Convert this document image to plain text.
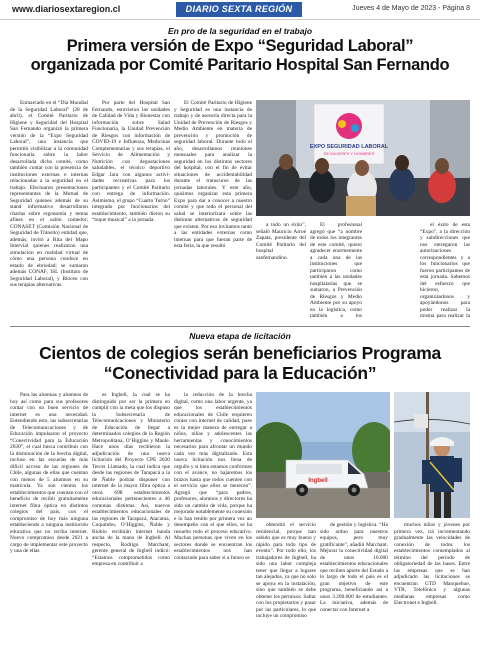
www.diariosextaregion.cl	DIARIO SEXTA REGIÓN	Jueves 4 de Mayo de 2023 - Página 8
En pro de la seguridad en el trabajo
Primera versión de Expo “Seguridad Laboral”
organizada por Comité Paritario Hospital San Fernando

Enmarcado en el “Día Mundial de la Seguridad Laboral” (28 de abril), el Comité Paritario de Higiene y Seguridad del Hospital San Fernando organizó la primera versión de la “Expo Seguridad Laboral”, una instancia que permitió visibilizar a la comunidad funcionaria sobre la labor desarrollada dicho comité, como también contar con la presencia de instituciones externas e internas relacionadas a la seguridad en el trabajo. Efectuaron presentaciones representantes de la Mutual de Seguridad quienes además de su stand informativo desarrollaron charlas sobre ergonomía y temas afines en el salón comedor; CONASET (Comisión Nacional de Seguridad de Tránsito) entidad que, además, invitó a Rita del Mapo Intervial quienes realizaron una simulación en realidad virtual de cómo una persona conduce en estado de ebriedad; se sumaron además CONAF, ISL (Instituto de Seguridad Laboral), y Biocen con sus terapias alternativas.

Por parte del Hospital San Fernando, estuvieron las unidades de Calidad de Vida y Bienestar con información sobre Salud Funcionaria, la Unidad Prevención de Riesgos con información de COVID-19 e Influenza, Medicinas Complementarias y sus terapias, el Servicio de Alimentación y Nutrición con degustaciones saludables, el técnico deportivo Edgar Jara con algunos activi- dades recreativas para los participantes y el Comité Paritario con entrega de información. Asimismo, el grupo “Cuarto Turno” integrado por funcionarios del establecimiento, también dieron su “toque musical” a la jornada.

El Comité Paritario de Higiene y Seguridad es una instancia de trabajo y de asesoría directa para la Unidad de Prevención de Riesgos y Medio Ambiente en materia de prevención y promoción de seguridad laboral. Durante todo el año, desarrollamos reuniones mensuales para analizar la seguridad en los distintos sectores del hospital, con el fin de evitar situaciones de accidentabilidad durante el transcurso de las jornadas laborales. Y este año, quisimos organizar esta primera Expo para dar a conocer a nuestro comité y que todo el personal del salud se interiorizara sobre las distintas alternativas de seguridad que existen. Por eso invitamos tanto a las entidades externas como internas para que fueran parte de esta feria, la que resultó

EXPO SEGURIDAD LABORAL
DE MUJERES Y HOMBRES

a todo un éxito”, señaló Mauricio Arroé Zapata, presidente del Comité Paritario del hospital sanfernandino.

El profesional agregó que “a nombre de todos los integrantes de este comité, quiero agradecer enormemente a cada una de las instituciones que participaron como también a las unidades hospitalarias que se sumaron, a Prevención de Riesgos y Medio Ambiente por su apoyo en la logística, como también a los

el éxito de esta “Expo”, a la dirección y subdirecciones que nos entregaron las autorizaciones correspondientes y a los funcionarios que fueron participantes de esta jornada. Sabemos del esfuerzo que hicieron, organizándonos y apoyándonos para poder realizar la misma para realizar la

Nueva etapa de licitación
Cientos de colegios serán beneficiarios Programa
“Conectividad para la Educación”

Para las alumnas y alumnos de hoy así como para sus profesores contar con un buen servicio de internet es una necesidad. Entendiendo esto, las subsecretarías de Telecomunicaciones y de Educación impulsaron el proyecto “Conectividad para la Educación 2030”, el cual busca contribuir con la disminución de la brecha digital, incluso en las escuelas de más difícil acceso de las regiones de Chile, algunas de ellas que cuentan con menos de 5 alumnos en su matrícula. Ya son cientos los establecimientos que cuentan con el beneficio de recibir gratuitamente internet fibra óptica en distintos colegios del país, con el compromiso de hoy más ninguna estableciendo a ninguna institución educativa que no reciba internet. Nuevo compromiso desde 2021 a cargo de implementar este proyecto y una de ellas

es Ingbell, la cual se ha distinguido por ser la primera en cumplir con la meta que los dispuso la Subsecretaría de Telecomunicaciones y Ministerio de Educación de llegar a determinados colegios de la Región Metropolitana, O’Higgins y Maule. Hace unos días recibieron la adjudicación de una nueva licitación del Proyecto CPE 2030 Tercer Llamado, la cual indica que desde las regiones de Tarapacá a la de Ñuble podrán disponer con internet de la mayor fibra óptica a otros 698 establecimientos educacionales pertenecientes a 46 comunas distintas. Así, nuevos establecimientos educacionales de las regiones de Tarapacá, Atacama, Coquimbo, O’Higgins, Ñuble y Biobío recibirán internet banda ancha de la mano de Ingbell. Al respecto, Rodrigo Marchant, gerente general de Ingbell indicó: “Estamos comprometidos como empresa en contribuir a

la reducción de la brecha digital, como una labor urgente, ya que los establecimientos educacionales de Chile requieren contar con internet de calidad, pues es la mejor manera de entregar a niños, niñas y adolescentes las herramientas y conocimientos necesarios para afrontar un mundo cada vez más digitalizado. Esta nueva licitación nos llena de orgullo y si bien estamos conformes con el avance, no bajaremos los brazos hasta que todos cuenten con el servicio que ellos se merecen”. Agregó que “para padres, profesores, alumnos y directores ha sido un cambio de vida, porque ha mejorado notablemente su conexión e lo han tenido por primera vez un desempeño con el que ellos, se ha resuelto todo el proceso educativo. Muchas personas que viven en los sectores donde se encuentran los establecimientos nos han contactado para saber si a futuro se

Ingbell

obtendrá el servicio residencial, porque han sabido que es muy bueno y rápido para todo tipo de evento”. Por todo ello, los trabajadores de Ingbell, ha sido una labor compleja tener que llegar a lugares tan alejados, ya que no solo se apoya en la instalación, sino que también se debe obtener los permisos. Saltar con los propietarios y pasar por las particulares, lo que incluye un compromiso

de gestión y logística. “Ha sido arduo para nuestros equipos, pero muy gratificante”, añadió Marchant. Mejorar la conectividad digital de unos 10.000 establecimientos educacionales que reciben aporte del Estado a lo largo de todo el país es el gran objetivo de este programa, beneficiando así a unos 3.200.000 de estudiantes. La iniciativa, además de conectar con Internet a

muchos niños y jóvenes por primera vez, irá incrementando gradualmente las velocidades de conexión de todos los establecimientos contemplados al término del periodo de obligatoriedad de las bases. Entre las empresas que se han adjudicado las licitaciones se encuentran GTD Manquehue, VTR, Telefónica y algunas medianas empresas como Electronet e Ingbell.
